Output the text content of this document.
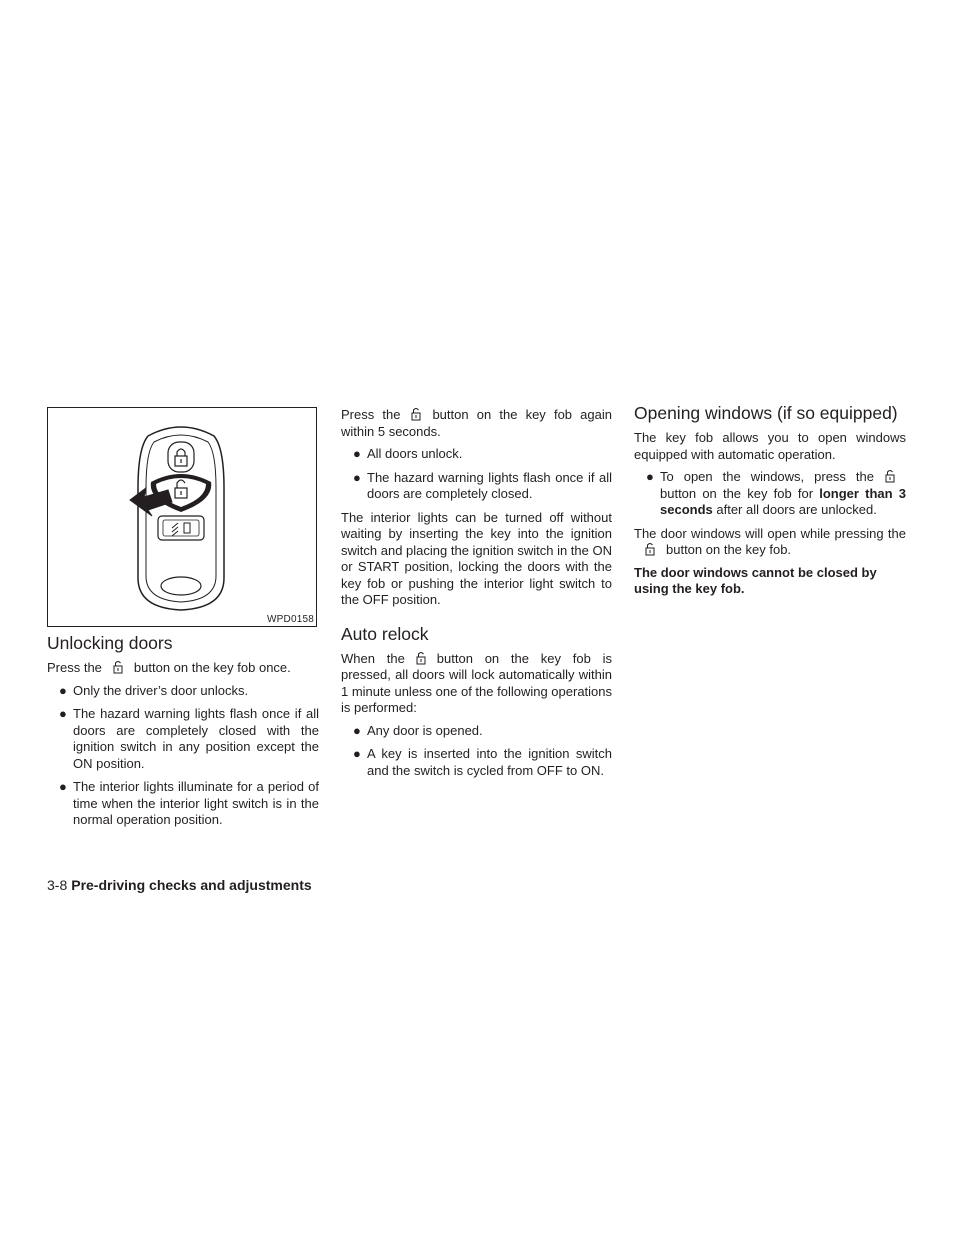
WPD0158
Unlocking doors

Press the button on the key fob once.

● Only the driver’s door unlocks.
● The hazard warning lights flash once if all doors are completely closed with the ignition switch in any position except the ON position.
● The interior lights illuminate for a period of time when the interior light switch is in the normal operation position.

Press the button on the key fob again within 5 seconds.

● All doors unlock.
● The hazard warning lights flash once if all doors are completely closed.

The interior lights can be turned off without waiting by inserting the key into the ignition switch and placing the ignition switch in the ON or START position, locking the doors with the key fob or pushing the interior light switch to the OFF position.

Auto relock

When the button on the key fob is pressed, all doors will lock automatically within 1 minute unless one of the following operations is performed:

● Any door is opened.
● A key is inserted into the ignition switch and the switch is cycled from OFF to ON.
Opening windows (if so equipped)

The key fob allows you to open windows equipped with automatic operation.

● To open the windows, press thebutton on the key fob for longer than 3 seconds after all doors are unlocked.

The door windows will open while pressing thebutton on the key fob.

The door windows cannot be closed by using the key fob.

3-8 Pre-driving checks and adjustments
